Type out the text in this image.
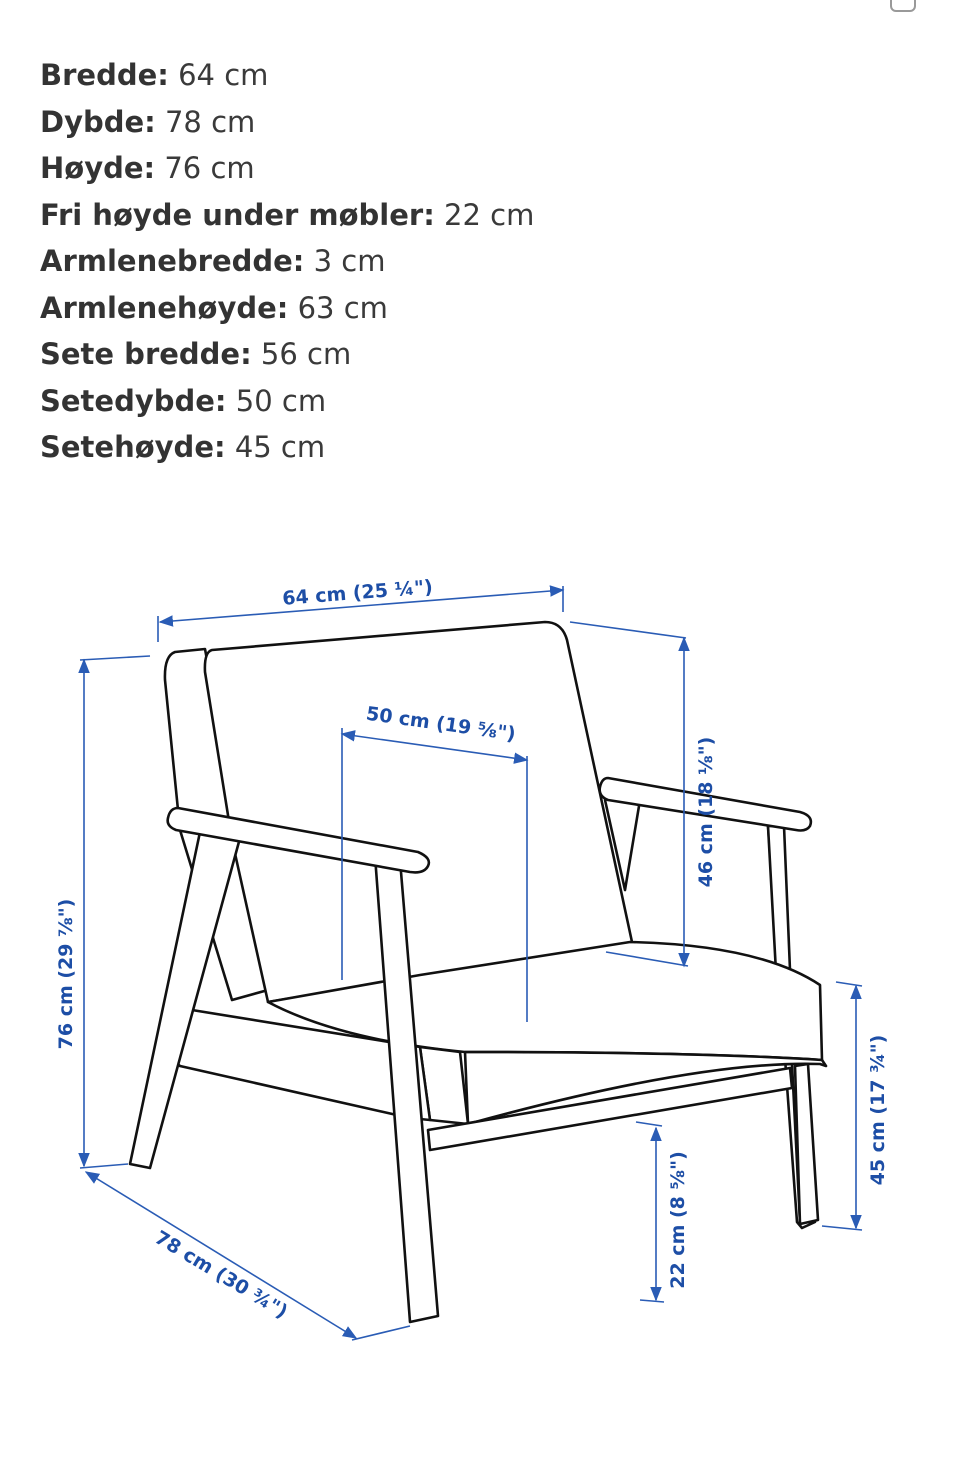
Bredde: 64 cm
Dybde: 78 cm
Høyde: 76 cm
Fri høyde under møbler: 22 cm
Armlenebredde: 3 cm
Armlenehøyde: 63 cm
Sete bredde: 56 cm
Setedybde: 50 cm
Setehøyde: 45 cm
64 cm (25 ¼")
50 cm (19 ⅝")
46 cm (18 ⅛")
76 cm (29 ⅞")
78 cm (30 ¾")	22 cm (8 ⅝")
45 cm (17 ¾")
